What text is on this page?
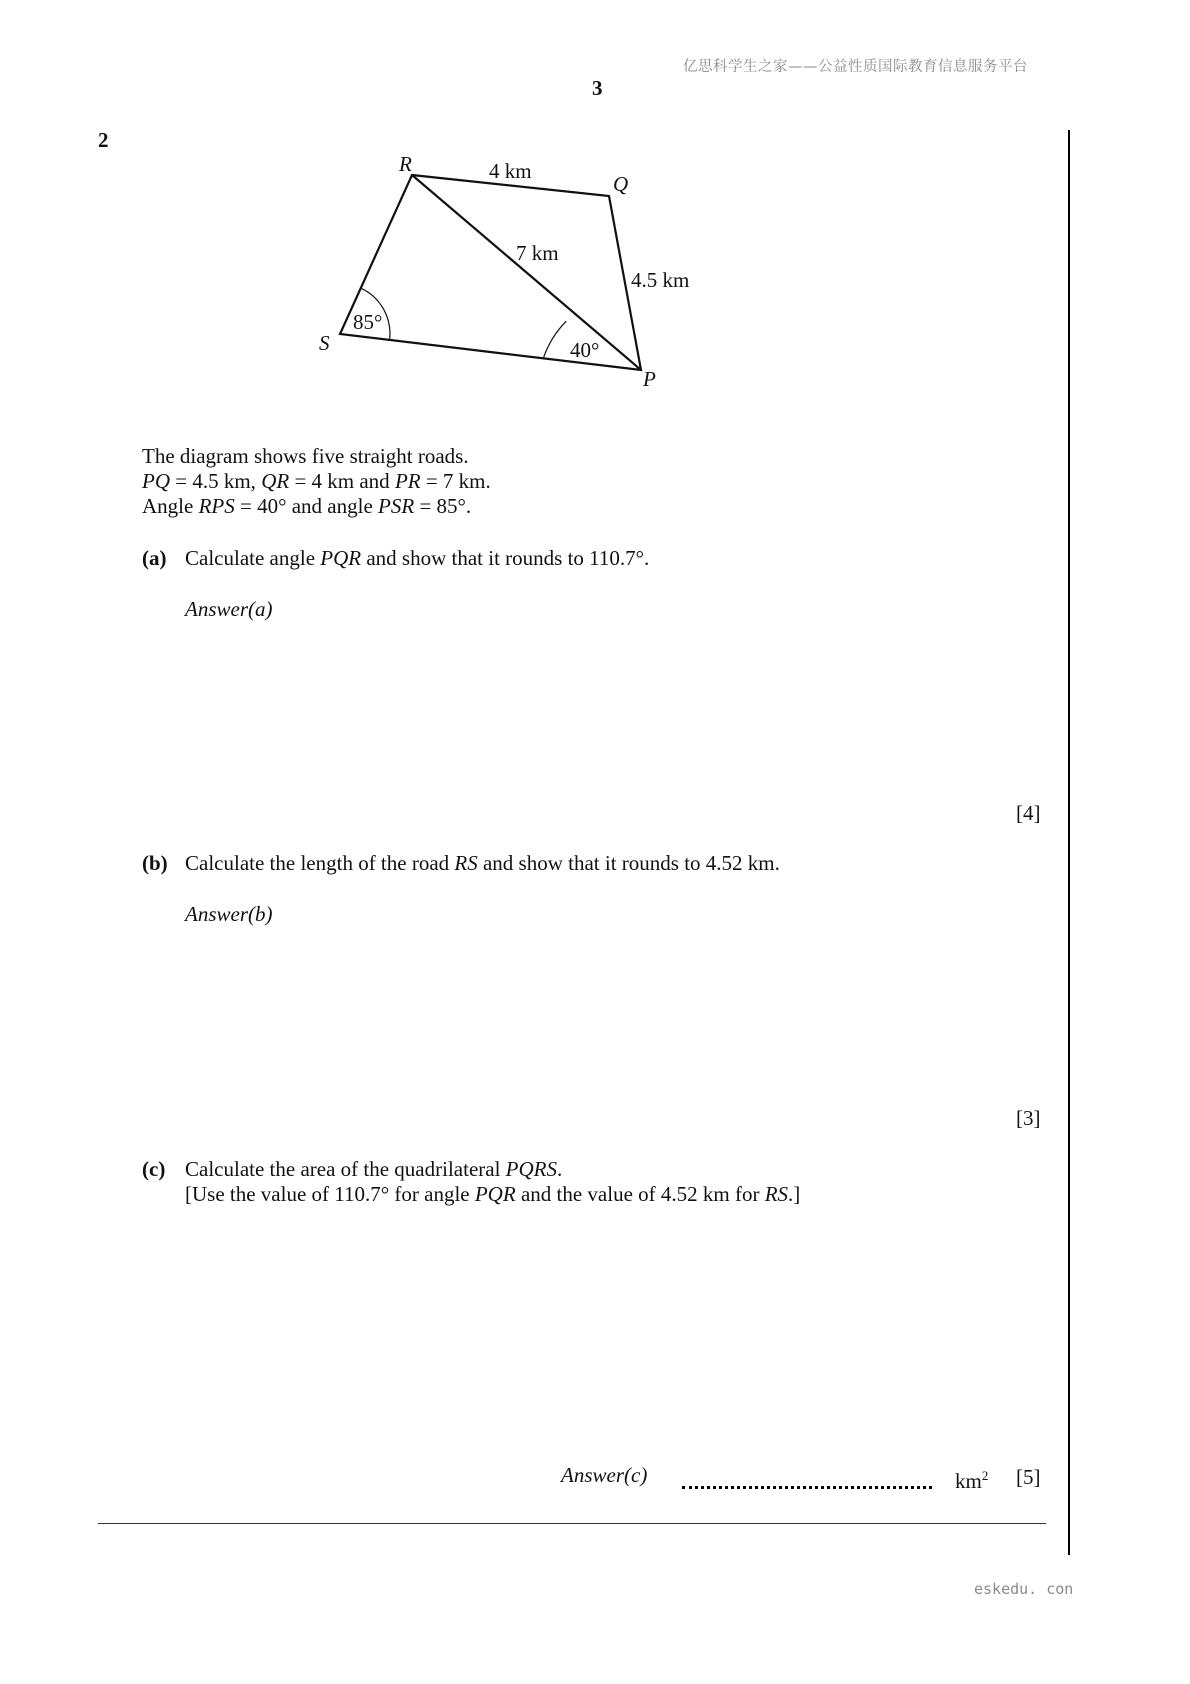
亿思科学生之家——公益性质国际教育信息服务平台
3
2
R
Q
P
S
4 km
7 km
4.5 km
85°
40°
The diagram shows five straight roads.
PQ = 4.5 km, QR = 4 km and PR = 7 km.
Angle RPS = 40° and angle PSR = 85°.
(a) Calculate angle PQR and show that it rounds to 110.7°.
Answer(a)
[4]
(b) Calculate the length of the road RS and show that it rounds to 4.52 km.
Answer(b)
[3]
(c) Calculate the area of the quadrilateral PQRS.
[Use the value of 110.7° for angle PQR and the value of 4.52 km for RS.]
Answer(c)	$km^2$ [5]
eskedu. con
